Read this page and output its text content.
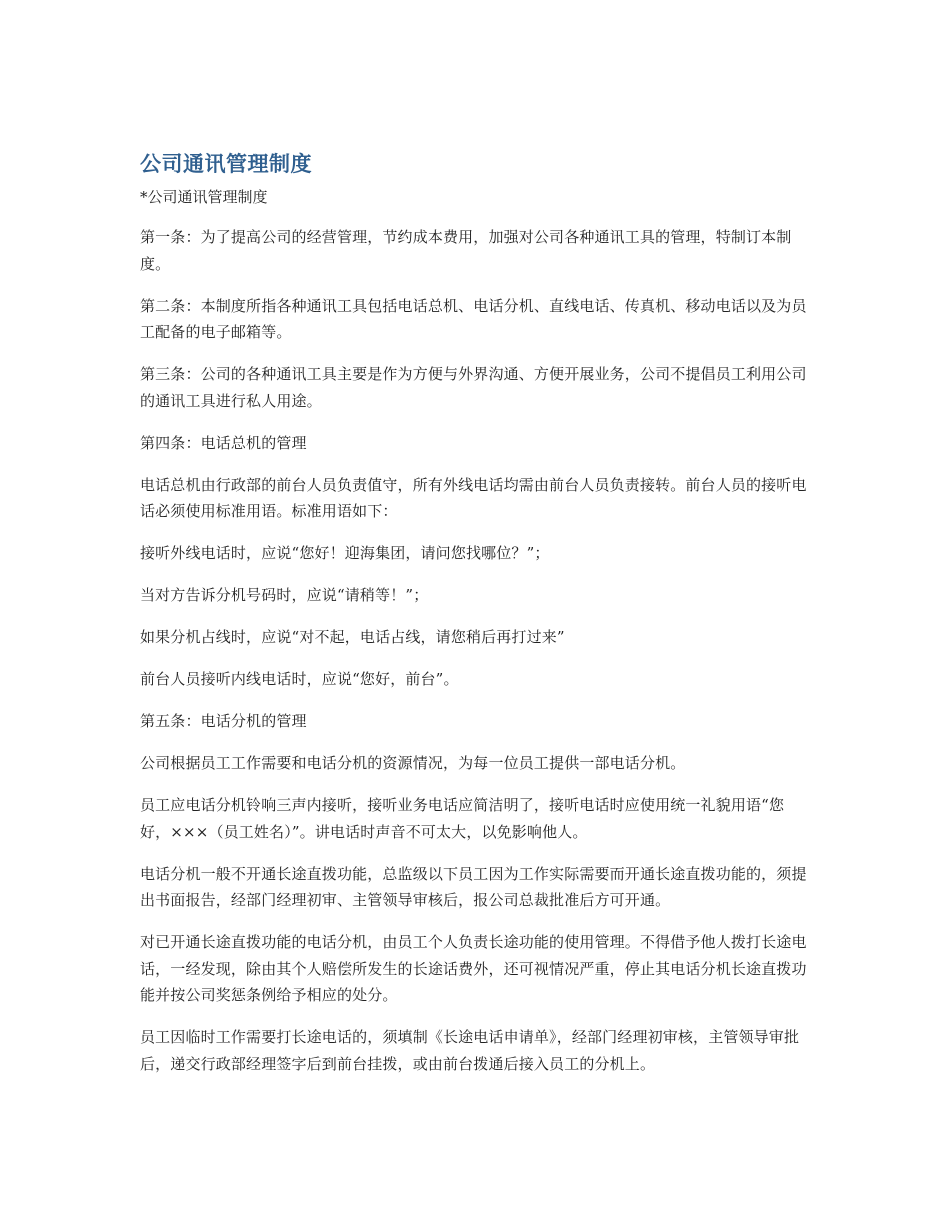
公司通讯管理制度

*公司通讯管理制度

第一条：为了提高公司的经营管理，节约成本费用，加强对公司各种通讯工具的管理，特制订本制度。

第二条：本制度所指各种通讯工具包括电话总机、电话分机、直线电话、传真机、移动电话以及为员工配备的电子邮箱等。

第三条：公司的各种通讯工具主要是作为方便与外界沟通、方便开展业务，公司不提倡员工利用公司的通讯工具进行私人用途。

第四条：电话总机的管理

电话总机由行政部的前台人员负责值守，所有外线电话均需由前台人员负责接转。前台人员的接听电话必须使用标准用语。标准用语如下：

接听外线电话时，应说“您好！迎海集团，请问您找哪位？”；

当对方告诉分机号码时，应说“请稍等！”；

如果分机占线时，应说“对不起，电话占线，请您稍后再打过来”

前台人员接听内线电话时，应说“您好，前台”。

第五条：电话分机的管理

公司根据员工工作需要和电话分机的资源情况，为每一位员工提供一部电话分机。

员工应电话分机铃响三声内接听，接听业务电话应简洁明了，接听电话时应使用统一礼貌用语“您好，×××（员工姓名）”。讲电话时声音不可太大，以免影响他人。

电话分机一般不开通长途直拨功能，总监级以下员工因为工作实际需要而开通长途直拨功能的，须提出书面报告，经部门经理初审、主管领导审核后，报公司总裁批准后方可开通。

对已开通长途直拨功能的电话分机，由员工个人负责长途功能的使用管理。不得借予他人拨打长途电话，一经发现，除由其个人赔偿所发生的长途话费外，还可视情况严重，停止其电话分机长途直拨功能并按公司奖惩条例给予相应的处分。

员工因临时工作需要打长途电话的，须填制《长途电话申请单》，经部门经理初审核，主管领导审批后，递交行政部经理签字后到前台挂拨，或由前台拨通后接入员工的分机上。
